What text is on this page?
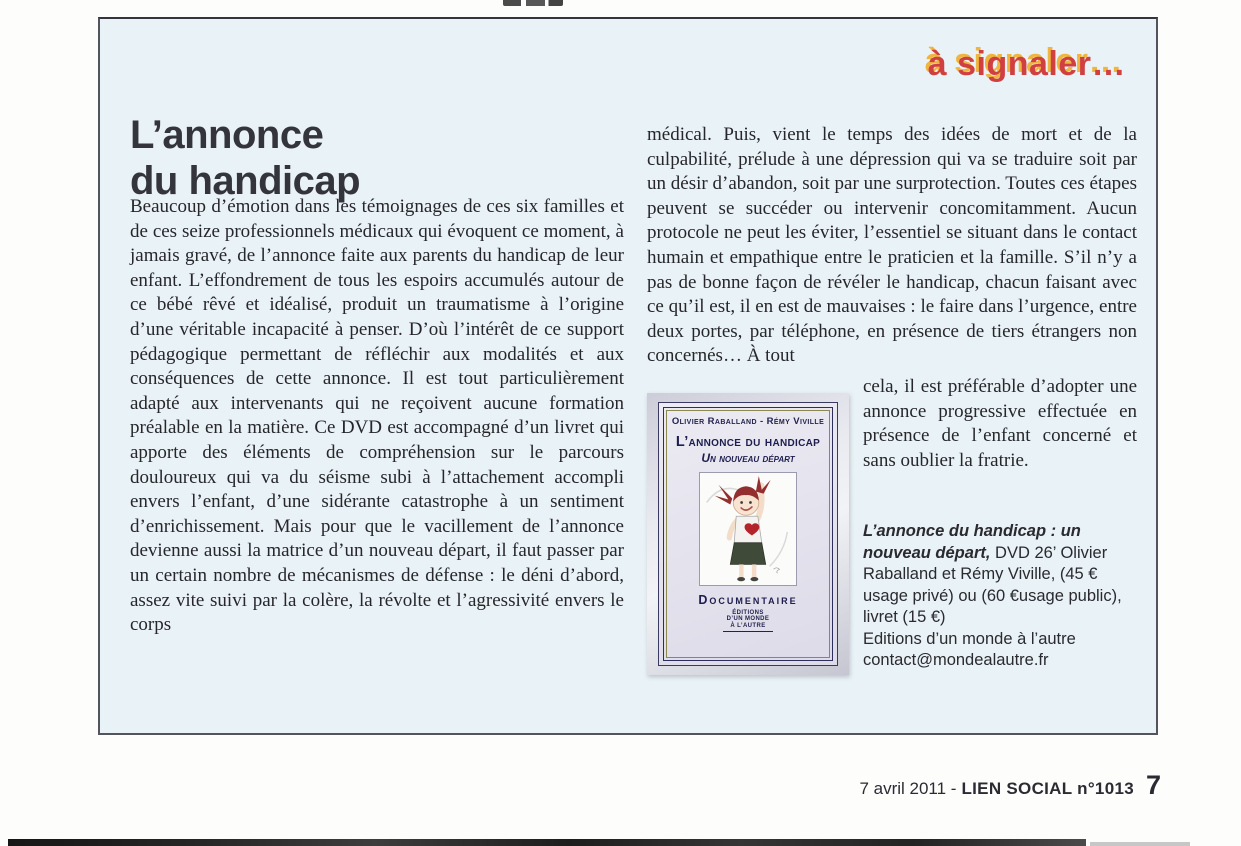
à signaler…
L’annonce
du handicap

Beaucoup d’émotion dans les témoignages de ces six familles et de ces seize professionnels médicaux qui évoquent ce moment, à jamais gravé, de l’annonce faite aux parents du handicap de leur enfant. L’effondrement de tous les espoirs accumulés autour de ce bébé rêvé et idéalisé, produit un traumatisme à l’origine d’une véritable incapacité à penser. D’où l’intérêt de ce support pédagogique permettant de réfléchir aux modalités et aux conséquences de cette annonce. Il est tout particulièrement adapté aux intervenants qui ne reçoivent aucune formation préalable en la matière. Ce DVD est accompagné d’un livret qui apporte des éléments de compréhension sur le parcours douloureux qui va du séisme subi à l’attachement accompli envers l’enfant, d’une sidérante catastrophe à un sentiment d’enrichissement. Mais pour que le vacillement de l’annonce devienne aussi la matrice d’un nouveau départ, il faut passer par un certain nombre de mécanismes de défense : le déni d’abord, assez vite suivi par la colère, la révolte et l’agressivité envers le corps

médical. Puis, vient le temps des idées de mort et de la culpabilité, prélude à une dépression qui va se traduire soit par un désir d’abandon, soit par une surprotection. Toutes ces étapes peuvent se succéder ou intervenir concomitamment. Aucun protocole ne peut les éviter, l’essentiel se situant dans le contact humain et empathique entre le praticien et la famille. S’il n’y a pas de bonne façon de révéler le handicap, chacun faisant avec ce qu’il est, il en est de mauvaises : le faire dans l’urgence, entre deux portes, par téléphone, en présence de tiers étrangers non concernés… À tout

Olivier Raballand - Rémy Viville
L’annonce du handicap
Un nouveau départ
Documentaire
ÉDITIONS
D’UN MONDE
À L’AUTRE

cela, il est préférable d’adopter une annonce progressive effectuée en présence de l’enfant concerné et sans oublier la fratrie.

L’annonce du handicap : un nouveau départ, DVD 26’ Olivier Raballand et Rémy Viville, (45 € usage privé) ou (60 €usage public), livret (15 €)

Editions d’un monde à l’autre

contact@mondealautre.fr

7 avril 2011 - LIEN SOCIAL n°1013 7
